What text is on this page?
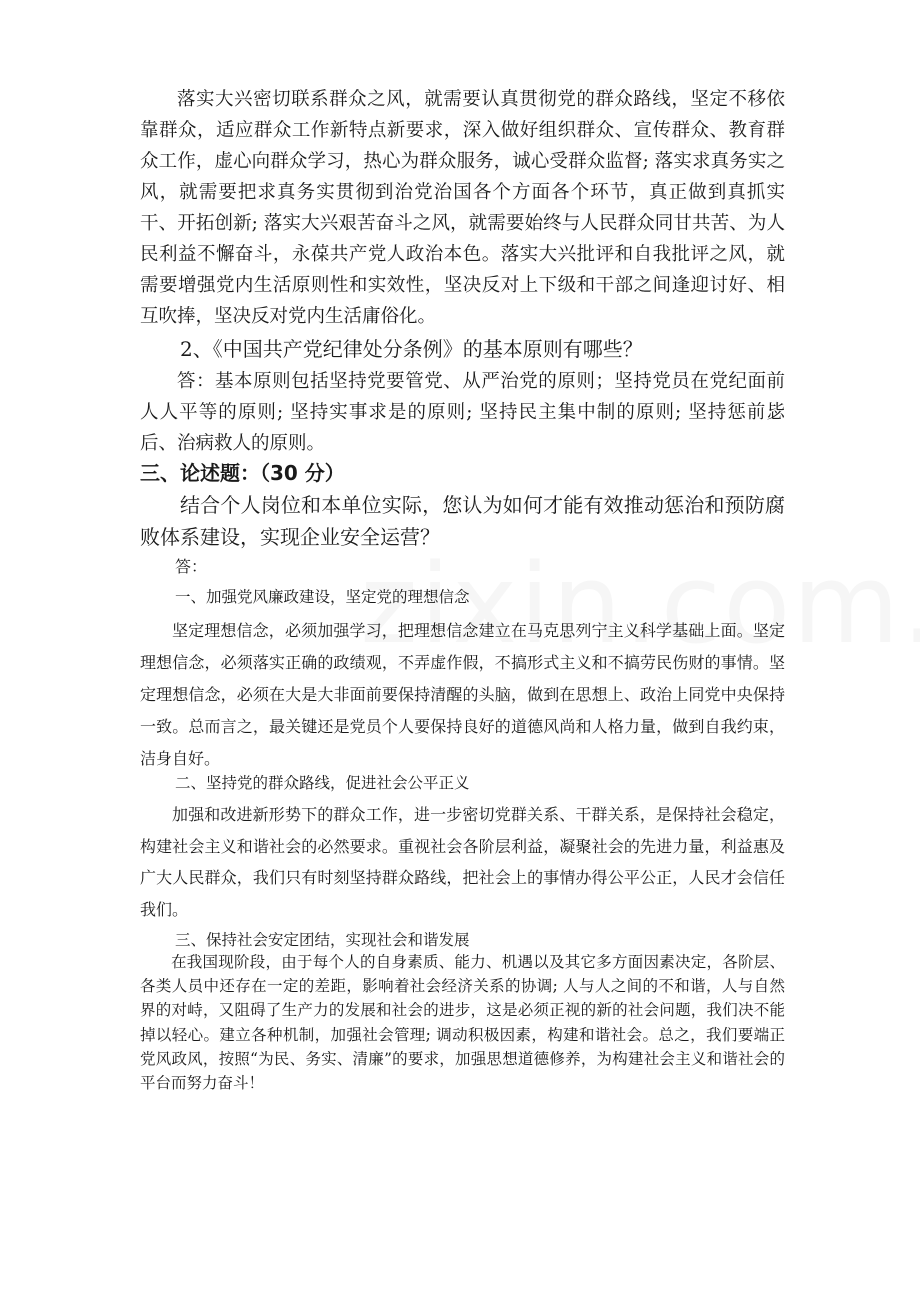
落实大兴密切联系群众之风，就需要认真贯彻党的群众路线，坚定不移依靠群众，适应群众工作新特点新要求，深入做好组织群众、宣传群众、教育群众工作，虚心向群众学习，热心为群众服务，诚心受群众监督; 落实求真务实之风，就需要把求真务实贯彻到治党治国各个方面各个环节，真正做到真抓实干、开拓创新; 落实大兴艰苦奋斗之风，就需要始终与人民群众同甘共苦、为人民利益不懈奋斗，永葆共产党人政治本色。落实大兴批评和自我批评之风，就需要增强党内生活原则性和实效性，坚决反对上下级和干部之间逢迎讨好、相互吹捧，坚决反对党内生活庸俗化。

2、《中国共产党纪律处分条例》的基本原则有哪些？

答：基本原则包括坚持党要管党、从严治党的原则；坚持党员在党纪面前人人平等的原则; 坚持实事求是的原则; 坚持民主集中制的原则; 坚持惩前毖后、治病救人的原则。

三、论述题：（30 分）

结合个人岗位和本单位实际，您认为如何才能有效推动惩治和预防腐败体系建设，实现企业安全运营？

答：

一、加强党风廉政建设，坚定党的理想信念

坚定理想信念，必须加强学习，把理想信念建立在马克思列宁主义科学基础上面。坚定理想信念，必须落实正确的政绩观，不弄虚作假，不搞形式主义和不搞劳民伤财的事情。坚定理想信念，必须在大是大非面前要保持清醒的头脑，做到在思想上、政治上同党中央保持一致。总而言之，最关键还是党员个人要保持良好的道德风尚和人格力量，做到自我约束，洁身自好。

二、坚持党的群众路线，促进社会公平正义

加强和改进新形势下的群众工作，进一步密切党群关系、干群关系，是保持社会稳定，构建社会主义和谐社会的必然要求。重视社会各阶层利益，凝聚社会的先进力量，利益惠及广大人民群众，我们只有时刻坚持群众路线，把社会上的事情办得公平公正，人民才会信任我们。

三、保持社会安定团结，实现社会和谐发展

在我国现阶段，由于每个人的自身素质、能力、机遇以及其它多方面因素决定，各阶层、各类人员中还存在一定的差距，影响着社会经济关系的协调; 人与人之间的不和谐，人与自然界的对峙，又阻碍了生产力的发展和社会的进步，这是必须正视的新的社会问题，我们决不能掉以轻心。建立各种机制，加强社会管理; 调动积极因素，构建和谐社会。总之，我们要端正党风政风，按照“为民、务实、清廉”的要求，加强思想道德修养，为构建社会主义和谐社会的平台而努力奋斗！
